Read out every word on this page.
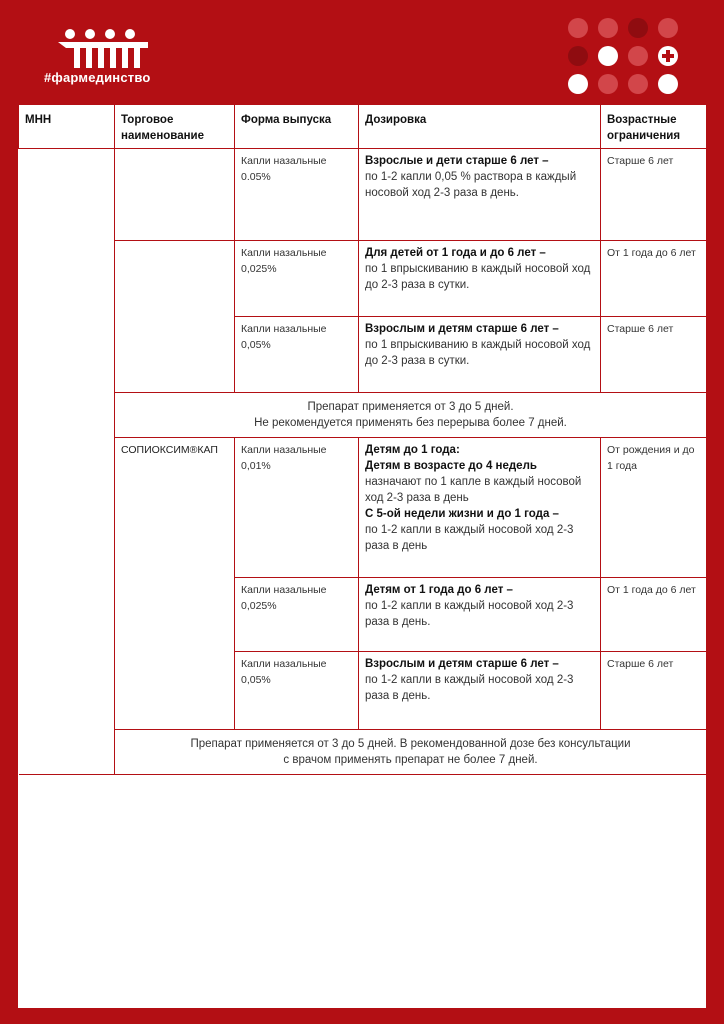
#фармединство
МНН	Торговое наименование	Форма выпуска	Дозировка	Возрастные ограничения
		Капли назальные 0.05%	Взрослые и дети старше 6 лет –
по 1-2 капли 0,05 % раствора в каждый носовой ход 2-3 раза в день.	Старше 6 лет
		Капли назальные 0,025%	Для детей от 1 года и до 6 лет –
по 1 впрыскиванию в каждый носовой ход до 2-3 раза в сутки.	От 1 года до 6 лет
		Капли назальные 0,05%	Взрослым и детям старше 6 лет –
по 1 впрыскиванию в каждый носовой ход до 2-3 раза в сутки.	Старше 6 лет

	Препарат применяется от 3 до 5 дней.
Не рекомендуется применять без перерыва более 7 дней.			

	СОПИОКСИМ®КАП	Капли назальные 0,01%	Детям до 1 года:
Детям в возрасте до 4 недель
назначают по 1 капле в каждый носовой ход 2-3 раза в день
С 5-ой недели жизни и до 1 года –
по 1-2 капли в каждый носовой ход 2-3 раза в день	От рождения и до 1 года
		Капли назальные 0,025%	Детям от 1 года до 6 лет –
по 1-2 капли в каждый носовой ход 2-3 раза в день.	От 1 года до 6 лет
		Капли назальные 0,05%	Взрослым и детям старше 6 лет –
по 1-2 капли в каждый носовой ход 2-3 раза в день.	Старше 6 лет

	Препарат применяется от 3 до 5 дней. В рекомендованной дозе без консультации
с врачом применять препарат не более 7 дней.			
